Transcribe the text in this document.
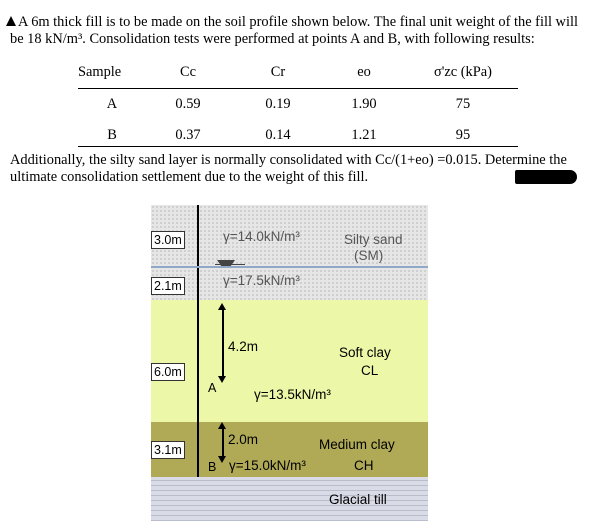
A 6m thick fill is to be made on the soil profile shown below. The final unit weight of the fill will be 18 kN/m³. Consolidation tests were performed at points A and B, with following results:
Sample	Cc	Cr	eo	σ'zc (kPa)
A	0.59	0.19	1.90	75
B	0.37	0.14	1.21	95
Additionally, the silty sand layer is normally consolidated with Cc/(1+eo) =0.015. Determine the ultimate consolidation settlement due to the weight of this fill.
3.0m
2.1m
γ=14.0kN/m³
γ=17.5kN/m³
Silty sand
(SM)
6.0m
4.2m
A
Soft clay
CL
γ=13.5kN/m³
3.1m
2.0m
B
Medium clay
γ=15.0kN/m³	CH
Glacial till
